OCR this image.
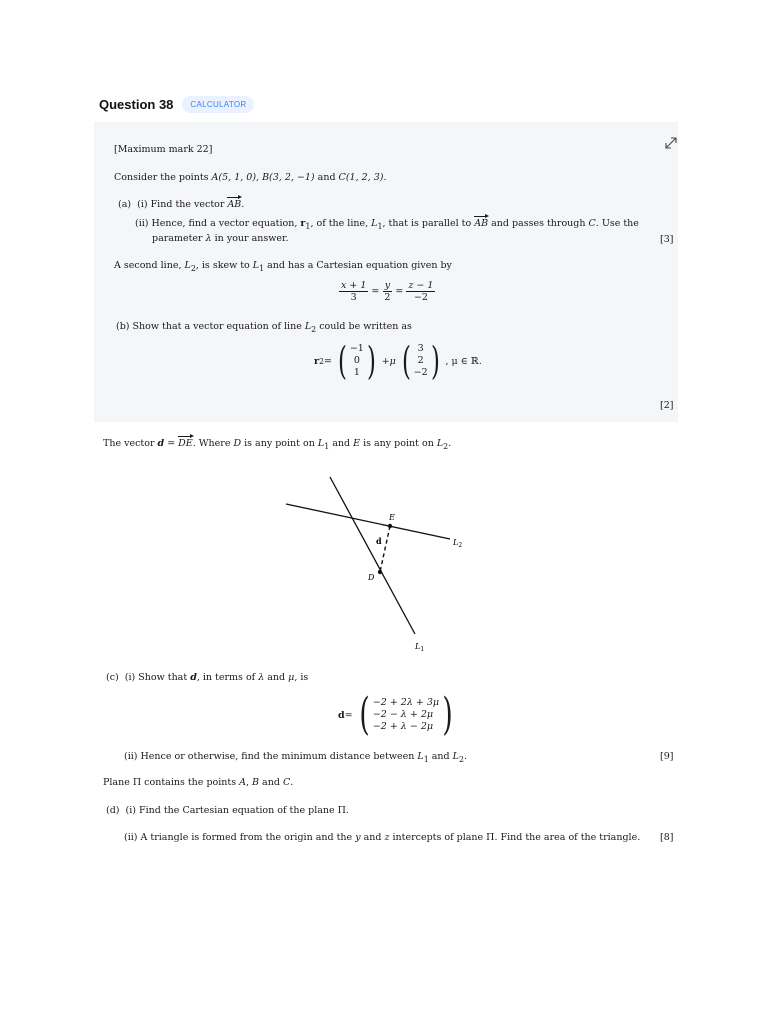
Question 38	CALCULATOR
[Maximum mark 22]
Consider the points A(5, 1, 0), B(3, 2, −1) and C(1, 2, 3).
(a) (i) Find the vector AB.
(ii) Hence, find a vector equation, $r_1$, of the line, $L_1$, that is parallel to AB and passes through C. Use the
parameter λ in your answer.	[3]
A second line, $L_2$, is skew to $L_1$ and has a Cartesian equation given by
$\frac{x + 1}{3} = \frac{y}{2} = \frac{z - 1}{-2}$
(b) Show that a vector equation of line $L_2$ could be written as
r 2 = ( −1
0
1 ) + μ ( 3
2
−2 ) , μ ∈ ℝ.
[2]
The vector d = DE. Where D is any point on $L_1$ and E is any point on $L_2$.
E
D
d	$L_2$
$L_1$
(c) (i) Show that d, in terms of λ and μ, is
d = ( −2 + 2λ + 3μ
−2 − λ + 2μ
−2 + λ − 2μ )
(ii) Hence or otherwise, find the minimum distance between $L_1$ and $L_2$.	[9]
Plane Π contains the points A, B and C.
(d) (i) Find the Cartesian equation of the plane Π.
(ii) A triangle is formed from the origin and the y and z intercepts of plane Π. Find the area of the triangle. [8]
